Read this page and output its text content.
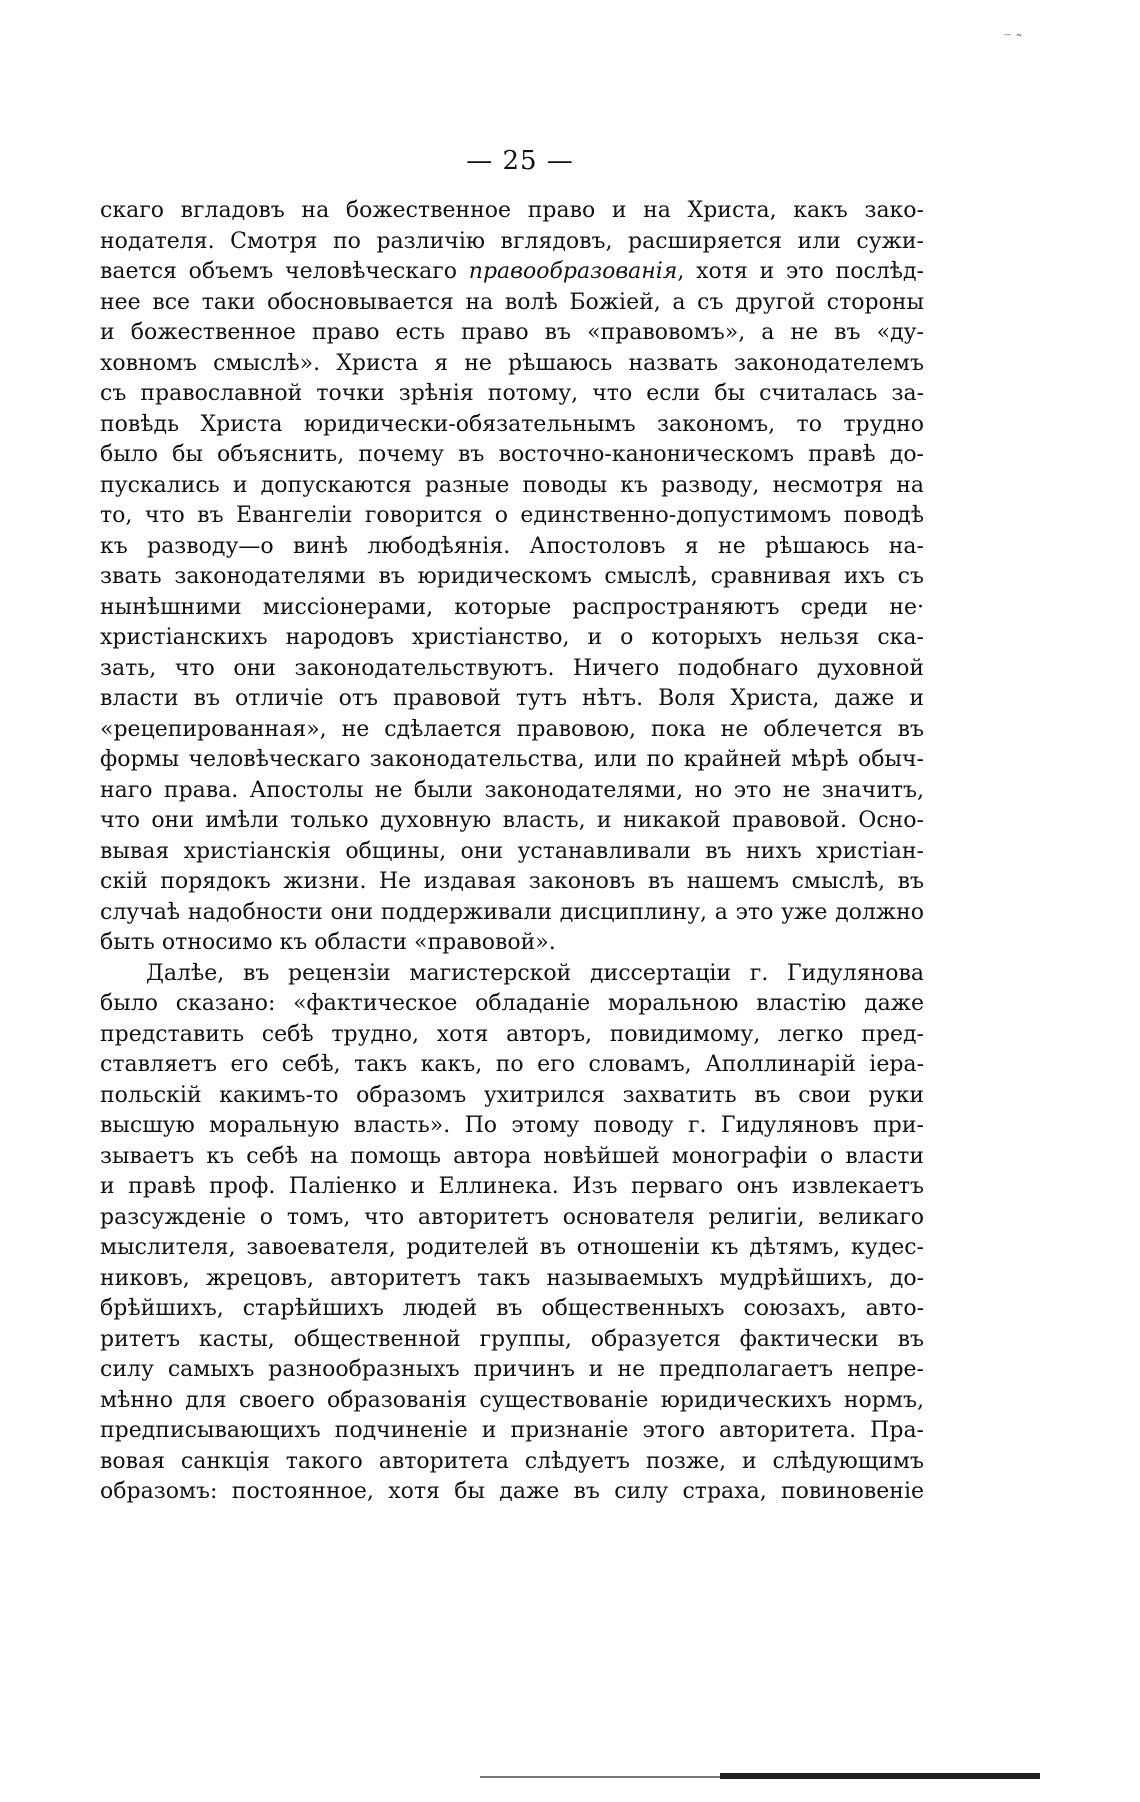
‾ ˜
— 25 —
скаго вгладовъ на божественное право и на Христа, какъ зако-
нодателя. Смотря по различію вглядовъ, расширяется или сужи-
вается объемъ человѣческаго правообразованія, хотя и это послѣд-
нее все таки обосновывается на волѣ Божіей, а съ другой стороны
и божественное право есть право въ «правовомъ», а не въ «ду-
ховномъ смыслѣ». Христа я не рѣшаюсь назвать законодателемъ
съ православной точки зрѣнія потому, что если бы считалась за-
повѣдь Христа юридически-обязательнымъ закономъ, то трудно
было бы объяснить, почему въ восточно-каноническомъ правѣ до-
пускались и допускаются разные поводы къ разводу, несмотря на
то, что въ Евангеліи говорится о единственно-допустимомъ поводѣ
къ разводу—о винѣ любодѣянія. Апостоловъ я не рѣшаюсь на-
звать законодателями въ юридическомъ смыслѣ, сравнивая ихъ съ
нынѣшними миссіонерами, которые распространяютъ среди не·
христіанскихъ народовъ христіанство, и о которыхъ нельзя ска-
зать, что они законодательствуютъ. Ничего подобнаго духовной
власти въ отличіе отъ правовой тутъ нѣтъ. Воля Христа, даже и
«рецепированная», не сдѣлается правовою, пока не облечется въ
формы человѣческаго законодательства, или по крайней мѣрѣ обыч-
наго права. Апостолы не были законодателями, но это не значитъ,
что они имѣли только духовную власть, и никакой правовой. Осно-
вывая христіанскія общины, они устанавливали въ нихъ христіан-
скій порядокъ жизни. Не издавая законовъ въ нашемъ смыслѣ, въ
случаѣ надобности они поддерживали дисциплину, а это уже должно
быть относимо къ области «правовой».
Далѣе, въ рецензіи магистерской диссертаціи г. Гидулянова
было сказано: «фактическое обладаніе моральною властію даже
представить себѣ трудно, хотя авторъ, повидимому, легко пред-
ставляетъ его себѣ, такъ какъ, по его словамъ, Аполлинарій іера-
польскій какимъ-то образомъ ухитрился захватить въ свои руки
высшую моральную власть». По этому поводу г. Гидуляновъ при-
зываетъ къ себѣ на помощь автора новѣйшей монографіи о власти
и правѣ проф. Паліенко и Еллинека. Изъ перваго онъ извлекаетъ
разсужденіе о томъ, что авторитетъ основателя религіи, великаго
мыслителя, завоевателя, родителей въ отношеніи къ дѣтямъ, кудес-
никовъ, жрецовъ, авторитетъ такъ называемыхъ мудрѣйшихъ, до-
брѣйшихъ, старѣйшихъ людей въ общественныхъ союзахъ, авто-
ритетъ касты, общественной группы, образуется фактически въ
силу самыхъ разнообразныхъ причинъ и не предполагаетъ непре-
мѣнно для своего образованія существованіе юридическихъ нормъ,
предписывающихъ подчиненіе и признаніе этого авторитета. Пра-
вовая санкція такого авторитета слѣдуетъ позже, и слѣдующимъ
образомъ: постоянное, хотя бы даже въ силу страха, повиновеніе
